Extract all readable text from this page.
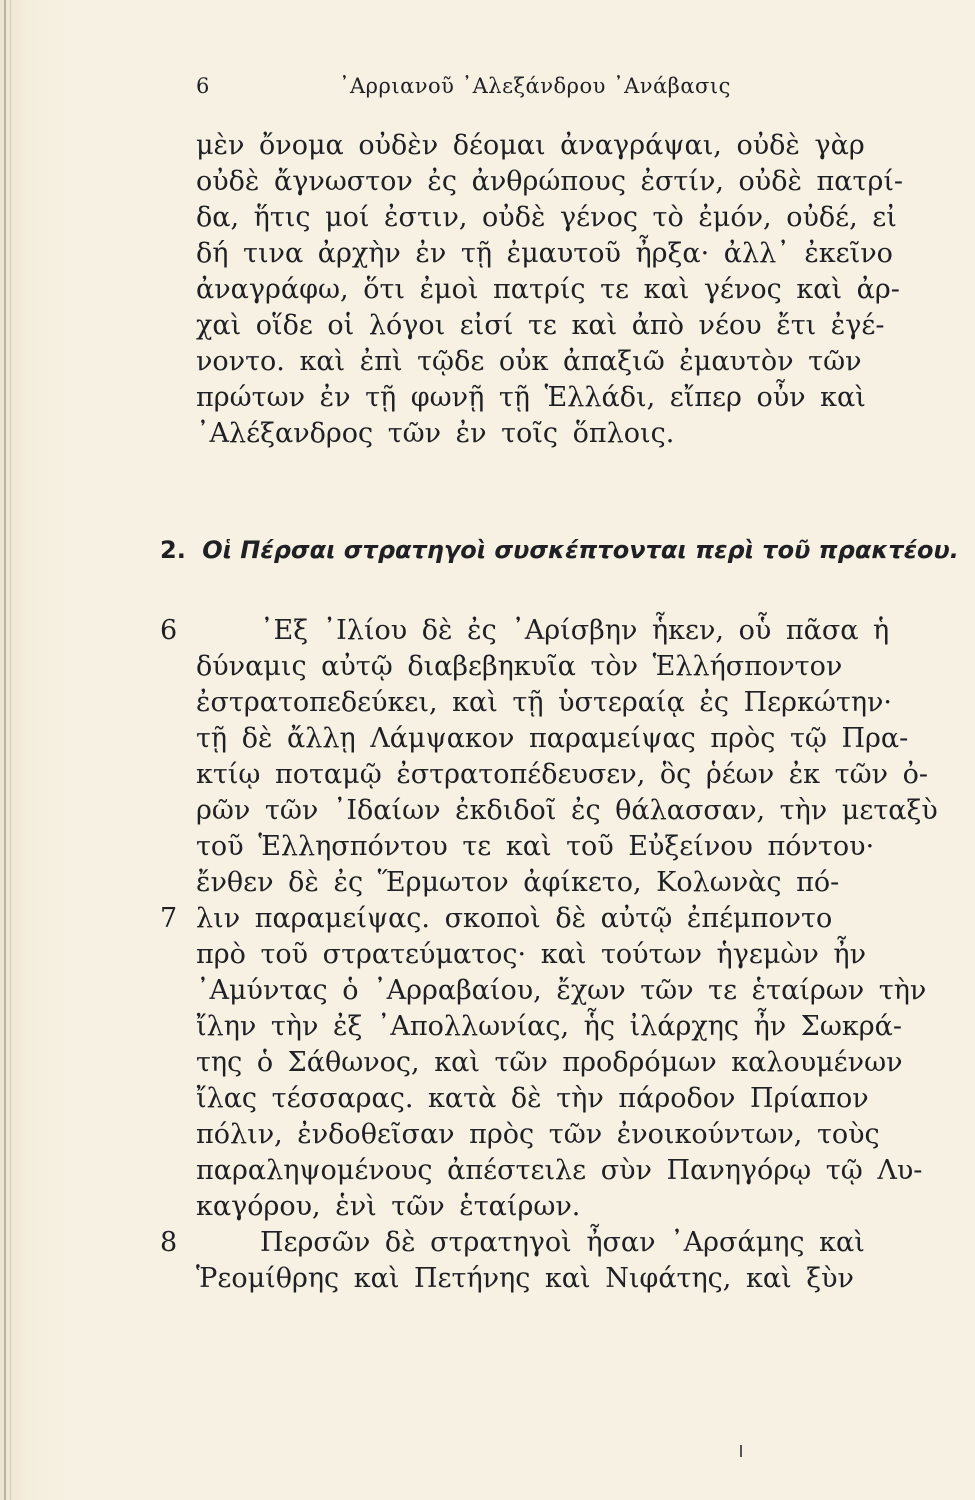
6	᾿Αρριανοῦ ᾿Αλεξάνδρου ᾿Ανάβασις
μὲν ὄνομα οὐδὲν δέομαι ἀναγράψαι, οὐδὲ γὰρ
οὐδὲ ἄγνωστον ἐς ἀνθρώπους ἐστίν, οὐδὲ πατρί-
δα, ἥτις μοί ἐστιν, οὐδὲ γένος τὸ ἐμόν, οὐδέ, εἰ
δή τινα ἀρχὴν ἐν τῇ ἐμαυτοῦ ἦρξα· ἀλλ᾿ ἐκεῖνο
ἀναγράφω, ὅτι ἐμοὶ πατρίς τε καὶ γένος καὶ ἀρ-
χαὶ οἵδε οἱ λόγοι εἰσί τε καὶ ἀπὸ νέου ἔτι ἐγέ-
νοντο. καὶ ἐπὶ τῷδε οὐκ ἀπαξιῶ ἐμαυτὸν τῶν
πρώτων ἐν τῇ φωνῇ τῇ Ἑλλάδι, εἴπερ οὖν καὶ
᾿Αλέξανδρος τῶν ἐν τοῖς ὅπλοις.
2. Οἱ Πέρσαι στρατηγοὶ συσκέπτονται περὶ τοῦ πρακτέου.
6	᾿Εξ ᾿Ιλίου δὲ ἐς ᾿Αρίσβην ἧκεν, οὗ πᾶσα ἡ
δύναμις αὐτῷ διαβεβηκυῖα τὸν Ἑλλήσποντον
ἐστρατοπεδεύκει, καὶ τῇ ὑστεραίᾳ ἐς Περκώτην·
τῇ δὲ ἄλλῃ Λάμψακον παραμείψας πρὸς τῷ Πρα-
κτίῳ ποταμῷ ἐστρατοπέδευσεν, ὃς ῥέων ἐκ τῶν ὀ-
ρῶν τῶν ᾿Ιδαίων ἐκδιδοῖ ἐς θάλασσαν, τὴν μεταξὺ
τοῦ Ἑλλησπόντου τε καὶ τοῦ Εὐξείνου πόντου·
ἔνθεν δὲ ἐς Ἕρμωτον ἀφίκετο, Κολωνὰς πό-
7 λιν παραμείψας. σκοποὶ δὲ αὐτῷ ἐπέμποντο
πρὸ τοῦ στρατεύματος· καὶ τούτων ἡγεμὼν ἦν
᾿Αμύντας ὁ ᾿Αρραβαίου, ἔχων τῶν τε ἑταίρων τὴν
ἴλην τὴν ἐξ ᾿Απολλωνίας, ἧς ἰλάρχης ἦν Σωκρά-
της ὁ Σάθωνος, καὶ τῶν προδρόμων καλουμένων
ἴλας τέσσαρας. κατὰ δὲ τὴν πάροδον Πρίαπον
πόλιν, ἐνδοθεῖσαν πρὸς τῶν ἐνοικούντων, τοὺς
παραληψομένους ἀπέστειλε σὺν Πανηγόρῳ τῷ Λυ-
καγόρου, ἑνὶ τῶν ἑταίρων.
8	Περσῶν δὲ στρατηγοὶ ἦσαν ᾿Αρσάμης καὶ
Ῥεομίθρης καὶ Πετήνης καὶ Νιφάτης, καὶ ξὺν
